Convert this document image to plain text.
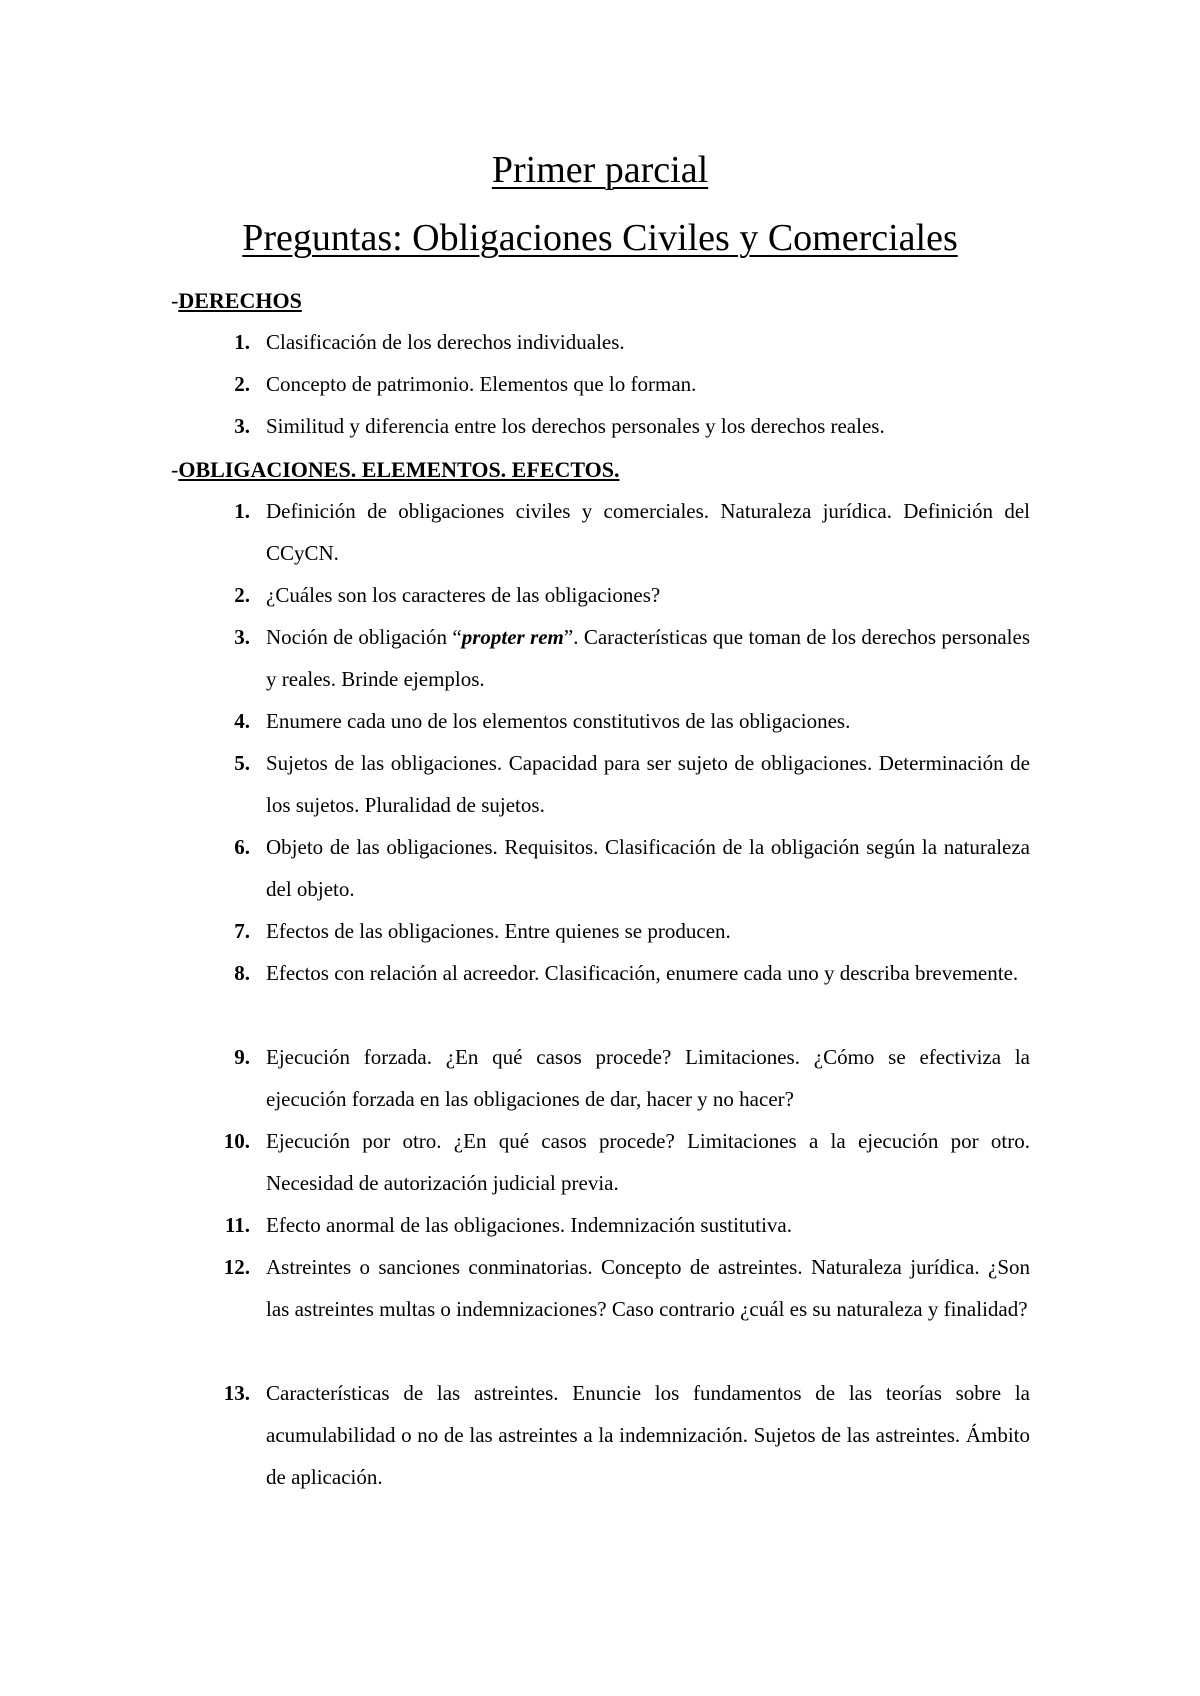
Primer parcial
Preguntas: Obligaciones Civiles y Comerciales
-DERECHOS
1. Clasificación de los derechos individuales.
2. Concepto de patrimonio. Elementos que lo forman.
3. Similitud y diferencia entre los derechos personales y los derechos reales.
-OBLIGACIONES. ELEMENTOS. EFECTOS.
1. Definición de obligaciones civiles y comerciales. Naturaleza jurídica. Definición del CCyCN.
2. ¿Cuáles son los caracteres de las obligaciones?
3. Noción de obligación “propter rem”. Características que toman de los derechos personales y reales. Brinde ejemplos.
4. Enumere cada uno de los elementos constitutivos de las obligaciones.
5. Sujetos de las obligaciones. Capacidad para ser sujeto de obligaciones. Determinación de los sujetos. Pluralidad de sujetos.
6. Objeto de las obligaciones. Requisitos. Clasificación de la obligación según la naturaleza del objeto.
7. Efectos de las obligaciones. Entre quienes se producen.
8. Efectos con relación al acreedor. Clasificación, enumere cada uno y describa brevemente.
9. Ejecución forzada. ¿En qué casos procede? Limitaciones. ¿Cómo se efectiviza la ejecución forzada en las obligaciones de dar, hacer y no hacer?
10. Ejecución por otro. ¿En qué casos procede? Limitaciones a la ejecución por otro. Necesidad de autorización judicial previa.
11. Efecto anormal de las obligaciones. Indemnización sustitutiva.
12. Astreintes o sanciones conminatorias. Concepto de astreintes. Naturaleza jurídica. ¿Son las astreintes multas o indemnizaciones? Caso contrario ¿cuál es su naturaleza y finalidad?
13. Características de las astreintes. Enuncie los fundamentos de las teorías sobre la acumulabilidad o no de las astreintes a la indemnización. Sujetos de las astreintes. Ámbito de aplicación.
